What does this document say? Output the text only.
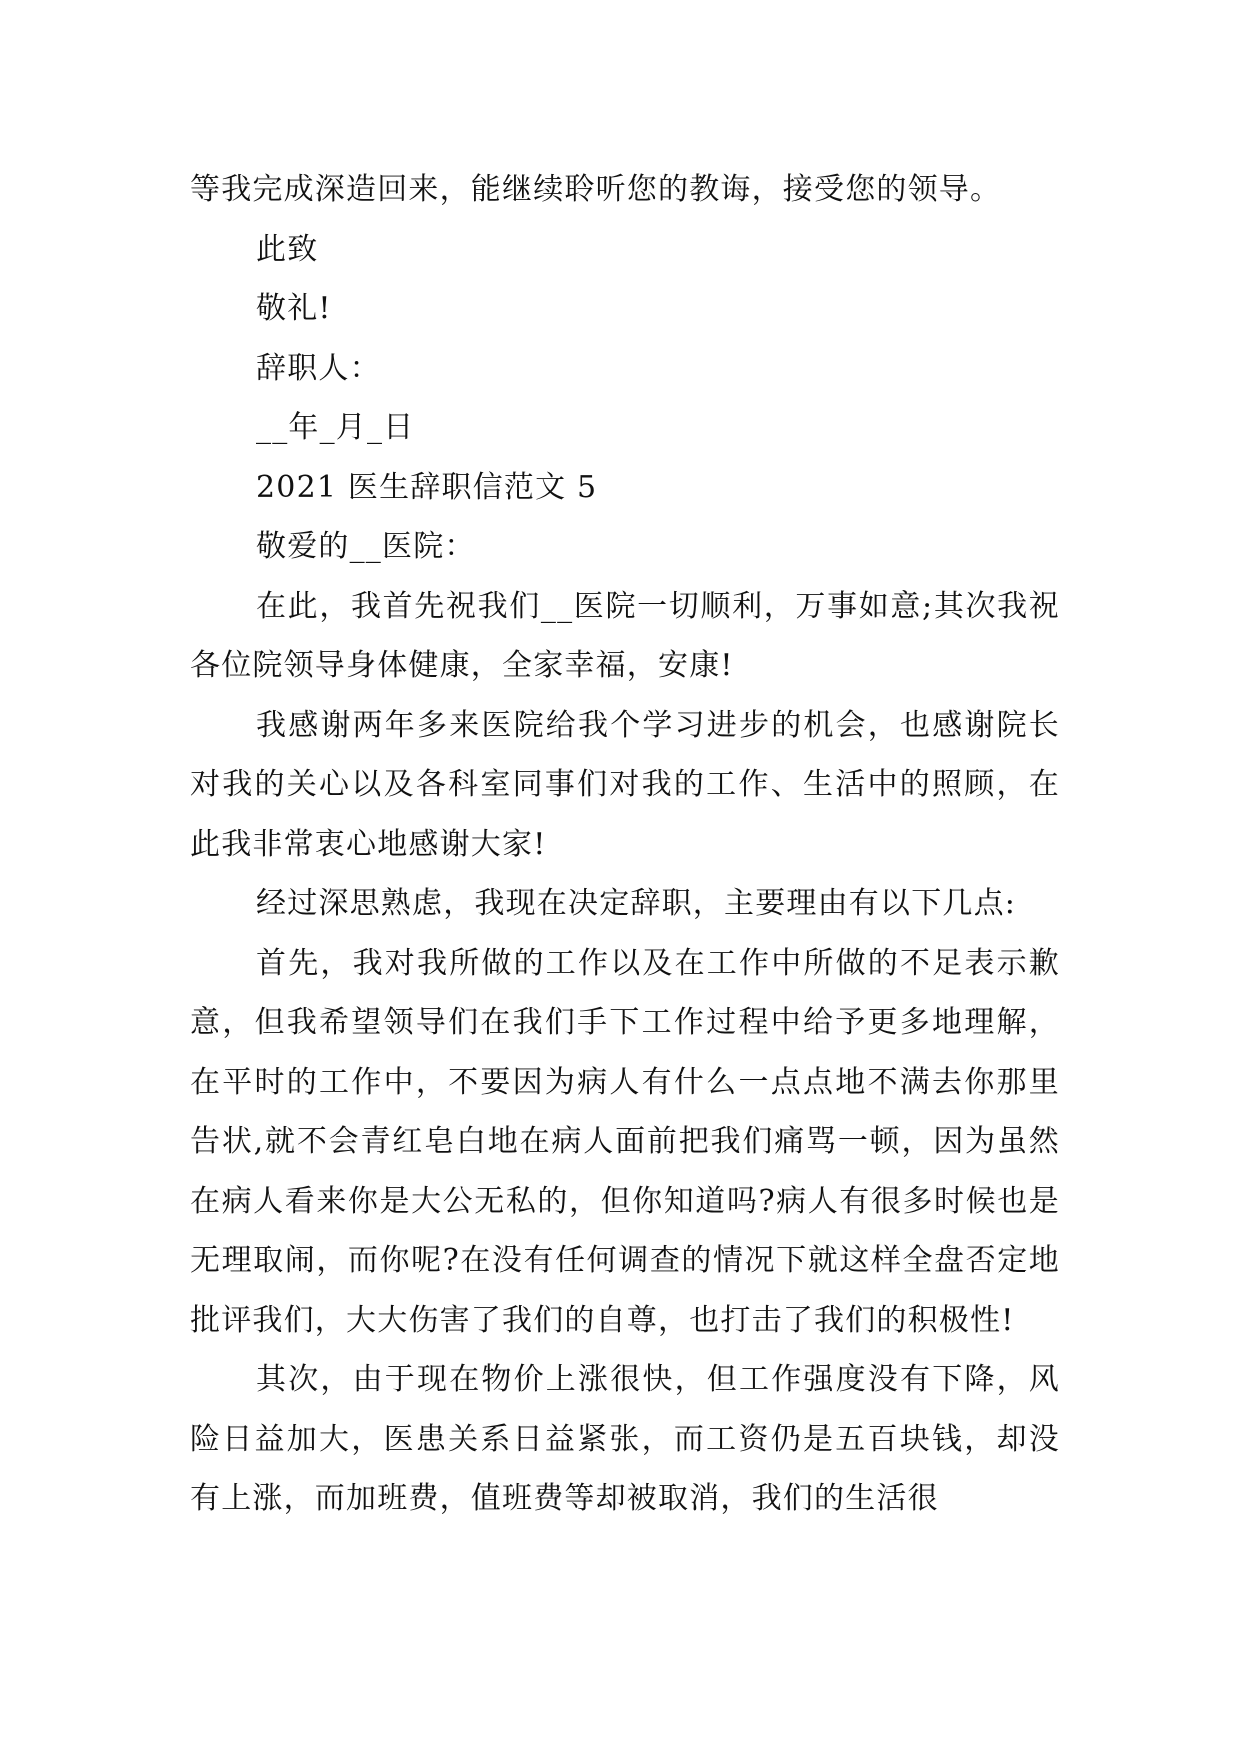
等我完成深造回来，能继续聆听您的教诲，接受您的领导。

此致

敬礼!

辞职人：

__年_月_日

2021 医生辞职信范文 5

敬爱的__医院：

在此，我首先祝我们__医院一切顺利，万事如意;其次我祝各位院领导身体健康，全家幸福，安康!

我感谢两年多来医院给我个学习进步的机会，也感谢院长对我的关心以及各科室同事们对我的工作、生活中的照顾，在此我非常衷心地感谢大家!

经过深思熟虑，我现在决定辞职，主要理由有以下几点:

首先，我对我所做的工作以及在工作中所做的不足表示歉意，但我希望领导们在我们手下工作过程中给予更多地理解，在平时的工作中，不要因为病人有什么一点点地不满去你那里告状,就不会青红皂白地在病人面前把我们痛骂一顿，因为虽然在病人看来你是大公无私的，但你知道吗?病人有很多时候也是无理取闹，而你呢?在没有任何调查的情况下就这样全盘否定地批评我们，大大伤害了我们的自尊，也打击了我们的积极性!

其次，由于现在物价上涨很快，但工作强度没有下降，风险日益加大，医患关系日益紧张，而工资仍是五百块钱，却没有上涨，而加班费，值班费等却被取消，我们的生活很
